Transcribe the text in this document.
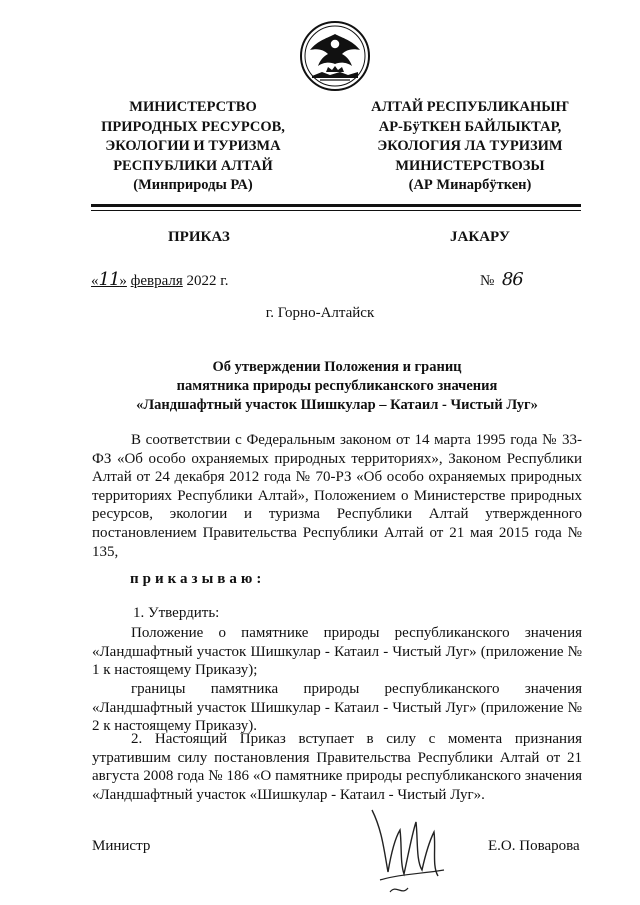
МИНИСТЕРСТВО
ПРИРОДНЫХ РЕСУРСОВ,
ЭКОЛОГИИ И ТУРИЗМА
РЕСПУБЛИКИ АЛТАЙ
(Минприроды РА)
АЛТАЙ РЕСПУБЛИКАНЫҤ
АР-БÿТКЕН БАЙЛЫКТАР,
ЭКОЛОГИЯ ЛА ТУРИЗИМ
МИНИСТЕРСТВОЗЫ
(АР Минарбÿткен)
ПРИКАЗ	JАКАРУ
«11» февраля 2022 г.	№ 86
г. Горно-Алтайск
Об утверждении Положения и границ
памятника природы республиканского значения
«Ландшафтный участок Шишкулар – Катаил - Чистый Луг»
В соответствии с Федеральным законом от 14 марта 1995 года № 33-ФЗ «Об особо охраняемых природных территориях», Законом Республики Алтай от 24 декабря 2012 года № 70-РЗ «Об особо охраняемых природных территориях Республики Алтай», Положением о Министерстве природных ресурсов, экологии и туризма Республики Алтай утвержденного постановлением Правительства Республики Алтай от 21 мая 2015 года № 135,
приказываю:
1. Утвердить:
Положение о памятнике природы республиканского значения «Ландшафтный участок Шишкулар - Катаил - Чистый Луг» (приложение № 1 к настоящему Приказу);
границы памятника природы республиканского значения «Ландшафтный участок Шишкулар - Катаил - Чистый Луг» (приложение № 2 к настоящему Приказу).
2. Настоящий Приказ вступает в силу с момента признания утратившим силу постановления Правительства Республики Алтай от 21 августа 2008 года № 186 «О памятнике природы республиканского значения «Ландшафтный участок «Шишкулар - Катаил - Чистый Луг».
Министр	Е.О. Поварова
